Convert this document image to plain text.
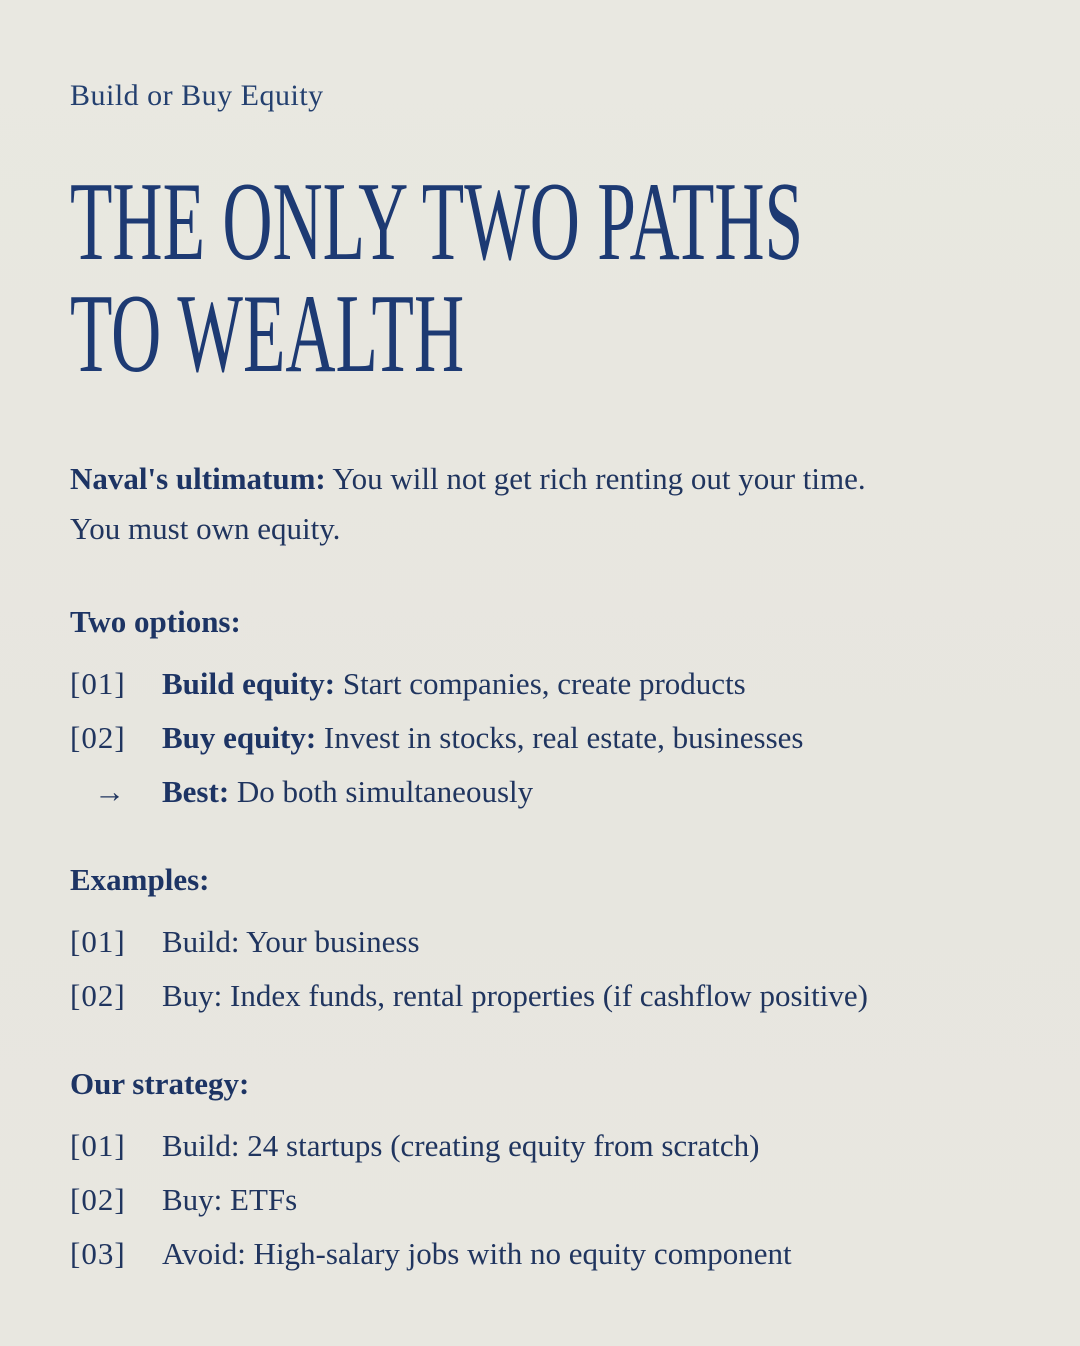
Build or Buy Equity
THE ONLY TWO PATHS
TO WEALTH

Naval's ultimatum: You will not get rich renting out your time.
You must own equity.

Two options:
[01]	Build equity: Start companies, create products
[02]	Buy equity: Invest in stocks, real estate, businesses
→	Best: Do both simultaneously
Examples:
[01]	Build: Your business
[02]	Buy: Index funds, rental properties (if cashflow positive)
Our strategy:
[01]	Build: 24 startups (creating equity from scratch)
[02]	Buy: ETFs
[03]	Avoid: High-salary jobs with no equity component
